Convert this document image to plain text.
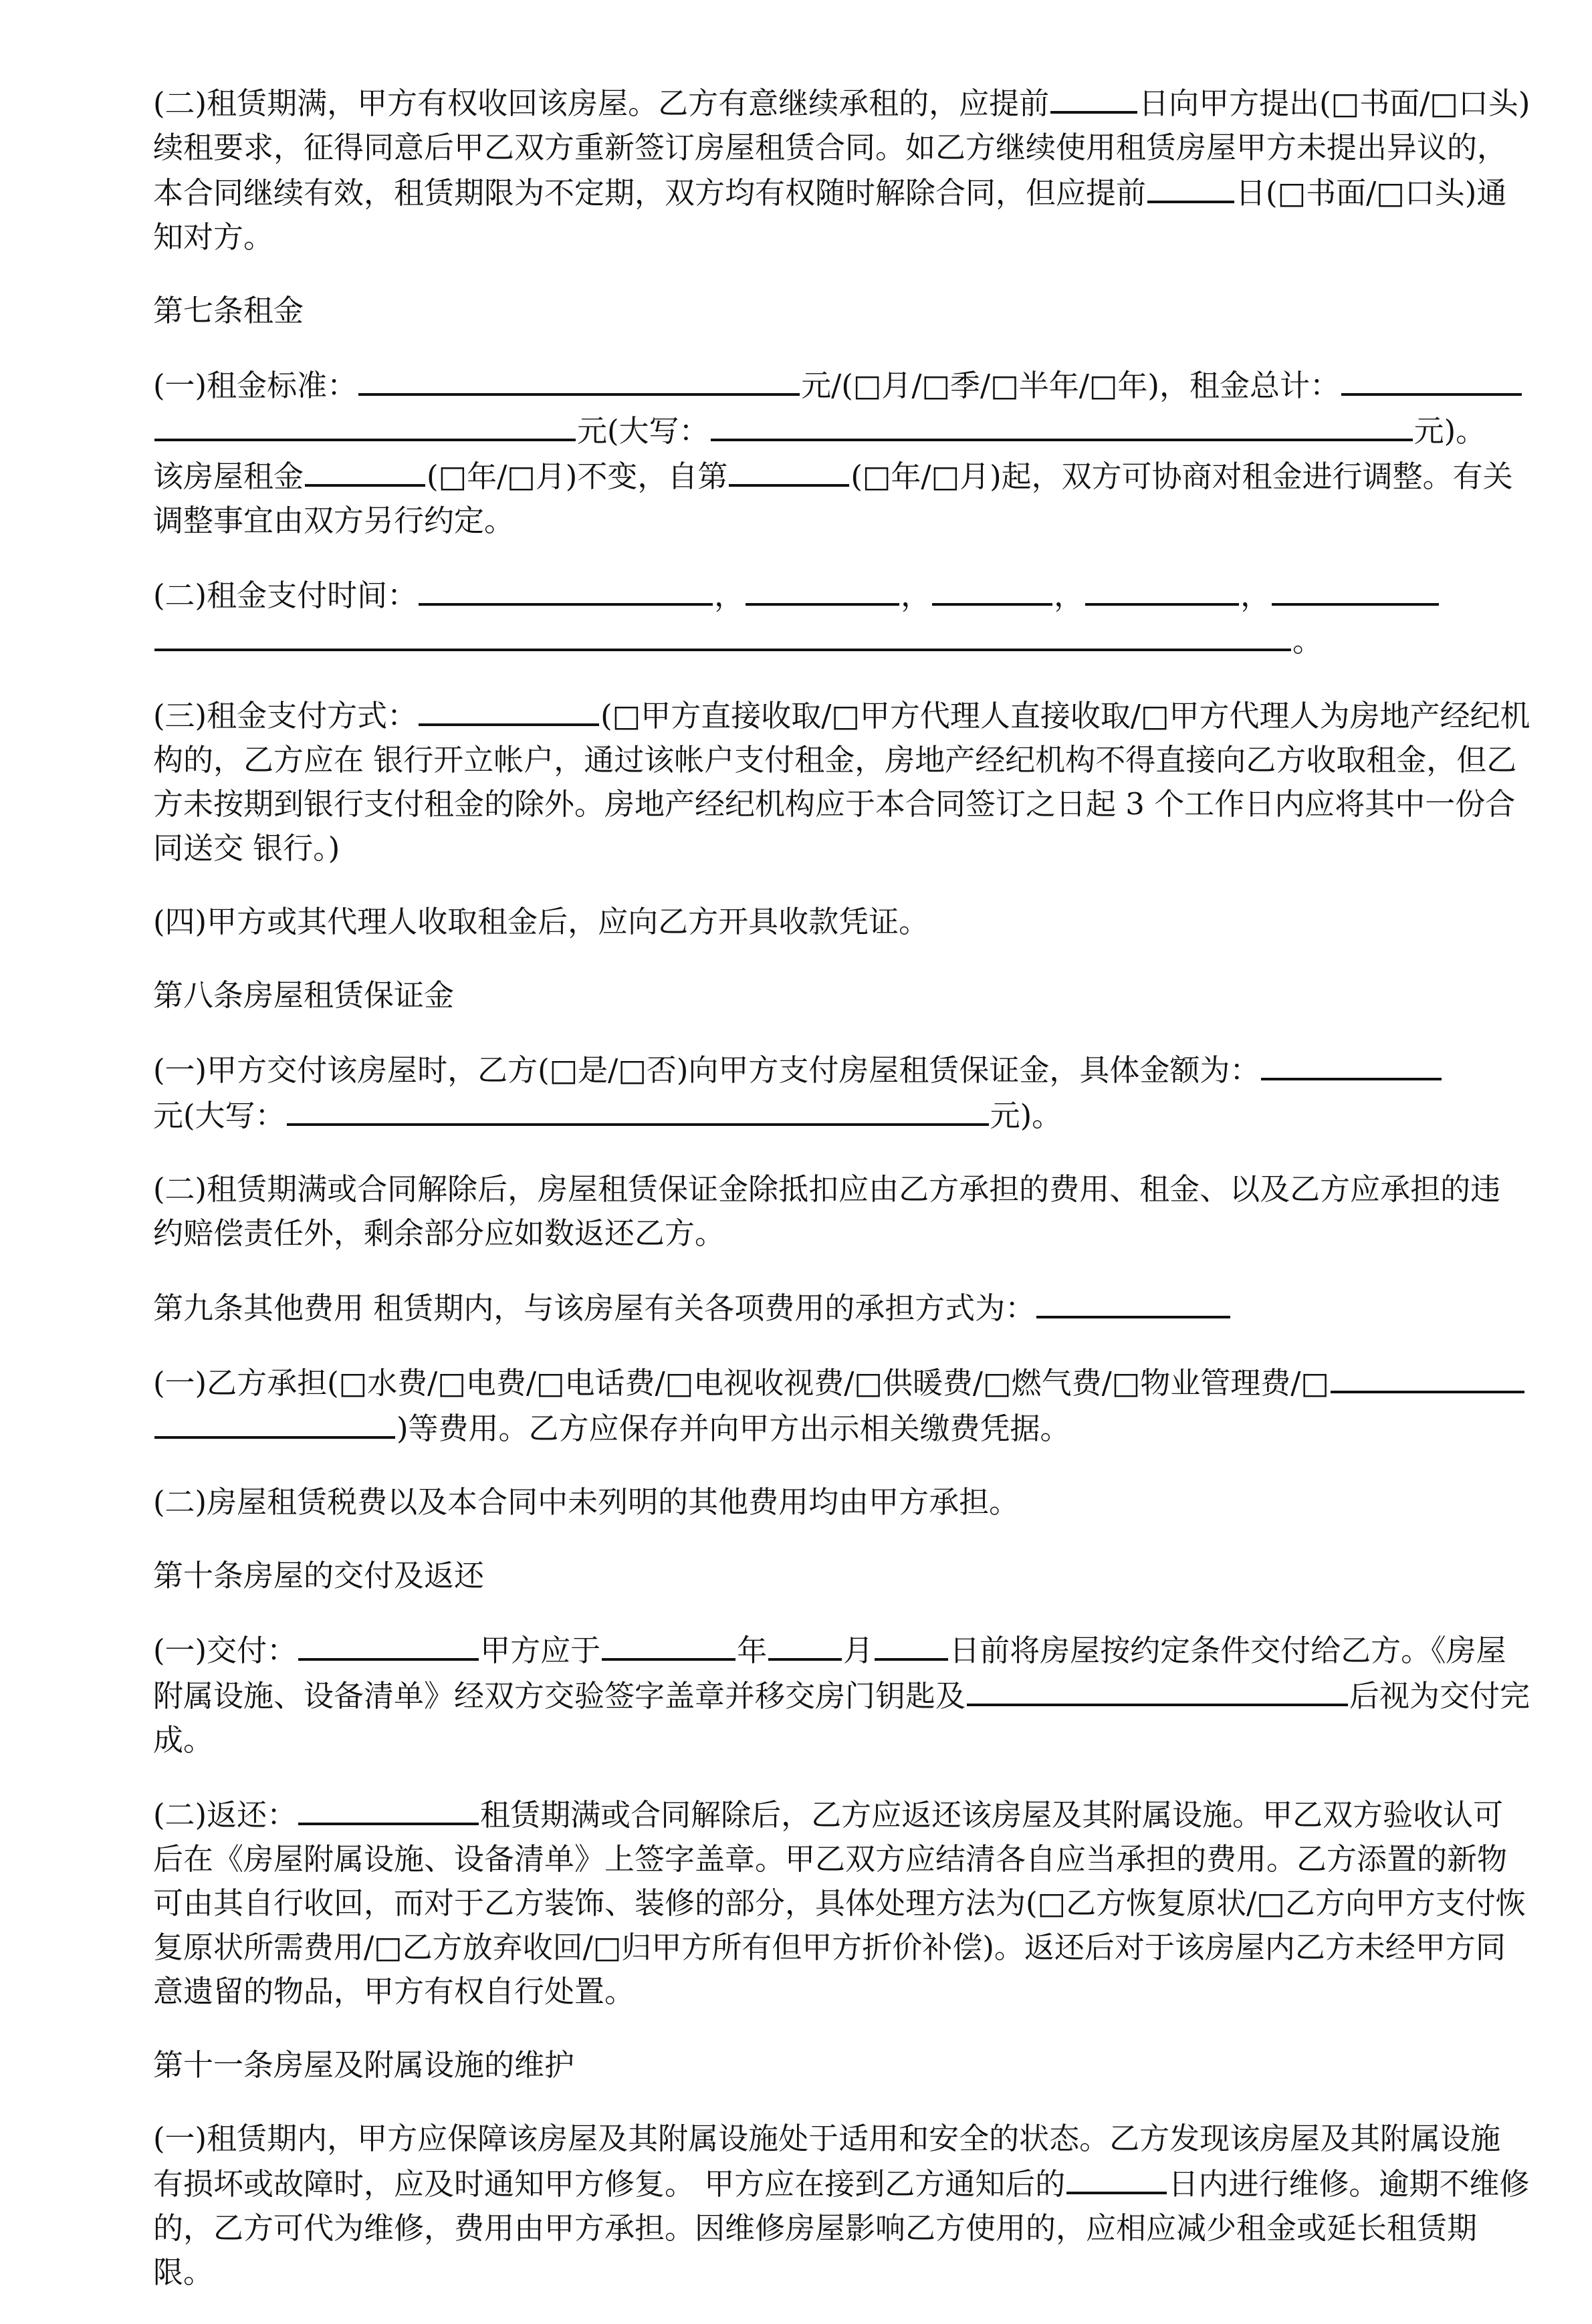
(二)租赁期满，甲方有权收回该房屋。乙方有意继续承租的，应提前	日向甲方提出(□书面/□口头)续租要求，征得同意后甲乙双方重新签订房屋租赁合同。如乙方继续使用租赁房屋甲方未提出异议的，本合同继续有效，租赁期限为不定期，双方均有权随时解除合同，但应提前	日(□书面/□口头)通知对方。

第七条租金

(一)租金标准：	元/(□月/□季/□半年/□年)，租金总计：元(大写：	元)。
该房屋租金	(□年/□月)不变，自第	(□年/□月)起，双方可协商对租金进行调整。有关调整事宜由双方另行约定。

(二)租金支付时间：	，	，	，	，
。

(三)租金支付方式：	(□甲方直接收取/□甲方代理人直接收取/□甲方代理人为房地产经纪机构的，乙方应在 银行开立帐户，通过该帐户支付租金，房地产经纪机构不得直接向乙方收取租金，但乙方未按期到银行支付租金的除外。房地产经纪机构应于本合同签订之日起 3 个工作日内应将其中一份合同送交 银行。)

(四)甲方或其代理人收取租金后，应向乙方开具收款凭证。

第八条房屋租赁保证金

(一)甲方交付该房屋时，乙方(□是/□否)向甲方支付房屋租赁保证金，具体金额为：
元(大写：	元)。

(二)租赁期满或合同解除后，房屋租赁保证金除抵扣应由乙方承担的费用、租金、以及乙方应承担的违约赔偿责任外，剩余部分应如数返还乙方。

第九条其他费用 租赁期内，与该房屋有关各项费用的承担方式为：

(一)乙方承担(□水费/□电费/□电话费/□电视收视费/□供暖费/□燃气费/□物业管理费/□
)等费用。乙方应保存并向甲方出示相关缴费凭据。

(二)房屋租赁税费以及本合同中未列明的其他费用均由甲方承担。

第十条房屋的交付及返还

(一)交付：	甲方应于	年	月	日前将房屋按约定条件交付给乙方。《房屋附属设施、设备清单》经双方交验签字盖章并移交房门钥匙及	后视为交付完成。

(二)返还：	租赁期满或合同解除后，乙方应返还该房屋及其附属设施。甲乙双方验收认可后在《房屋附属设施、设备清单》上签字盖章。甲乙双方应结清各自应当承担的费用。乙方添置的新物可由其自行收回，而对于乙方装饰、装修的部分，具体处理方法为(□乙方恢复原状/□乙方向甲方支付恢复原状所需费用/□乙方放弃收回/□归甲方所有但甲方折价补偿)。返还后对于该房屋内乙方未经甲方同意遗留的物品，甲方有权自行处置。

第十一条房屋及附属设施的维护

(一)租赁期内，甲方应保障该房屋及其附属设施处于适用和安全的状态。乙方发现该房屋及其附属设施有损坏或故障时，应及时通知甲方修复。 甲方应在接到乙方通知后的	日内进行维修。逾期不维修的，乙方可代为维修，费用由甲方承担。因维修房屋影响乙方使用的，应相应减少租金或延长租赁期限。
